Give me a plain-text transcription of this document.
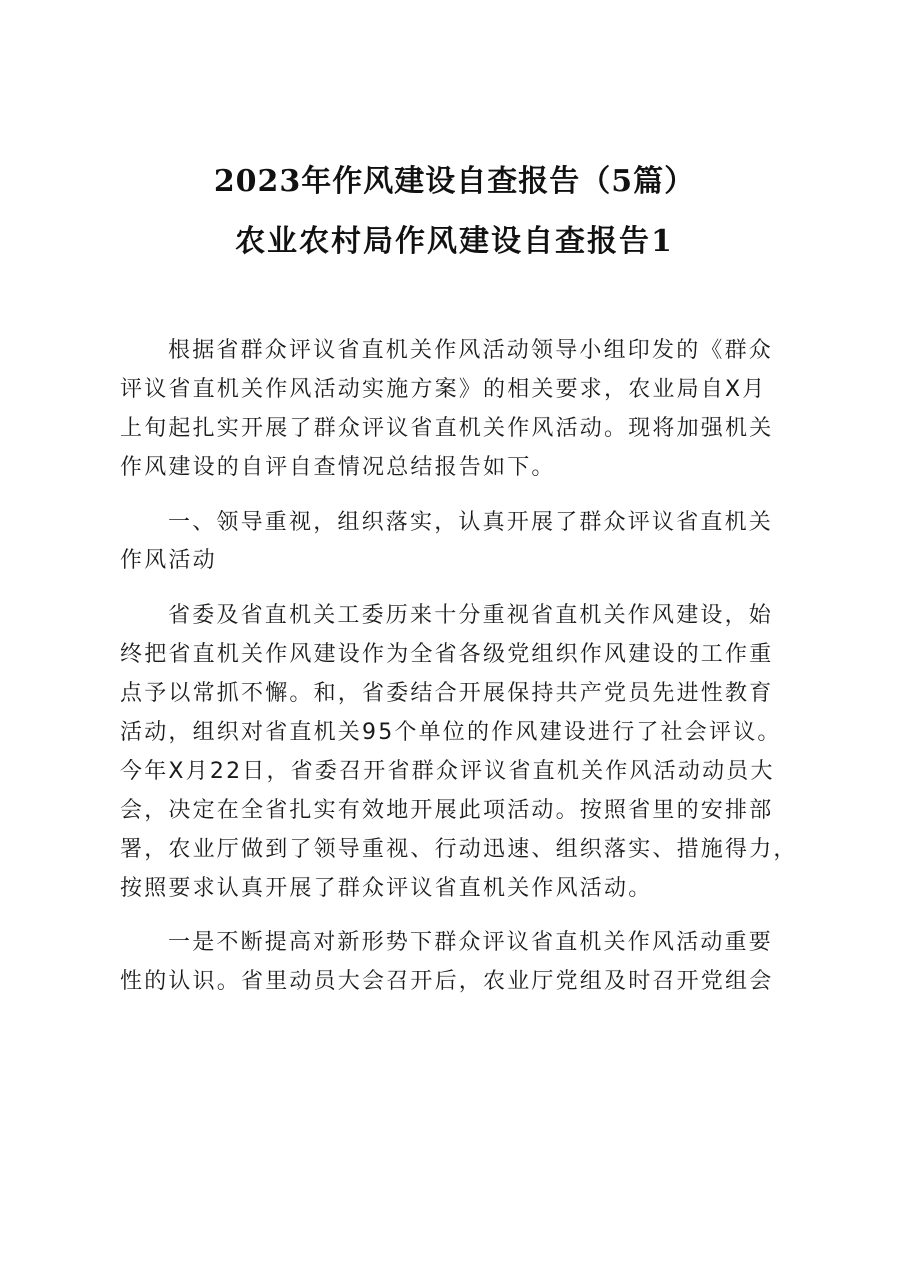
2023年作风建设自查报告（5篇）
农业农村局作风建设自查报告1
根据省群众评议省直机关作风活动领导小组印发的《群众
评议省直机关作风活动实施方案》的相关要求，农业局自X月
上旬起扎实开展了群众评议省直机关作风活动。现将加强机关
作风建设的自评自查情况总结报告如下。
一、领导重视，组织落实，认真开展了群众评议省直机关
作风活动
省委及省直机关工委历来十分重视省直机关作风建设，始
终把省直机关作风建设作为全省各级党组织作风建设的工作重
点予以常抓不懈。和，省委结合开展保持共产党员先进性教育
活动，组织对省直机关95个单位的作风建设进行了社会评议。
今年X月22日，省委召开省群众评议省直机关作风活动动员大
会，决定在全省扎实有效地开展此项活动。按照省里的安排部
署，农业厅做到了领导重视、行动迅速、组织落实、措施得力，
按照要求认真开展了群众评议省直机关作风活动。
一是不断提高对新形势下群众评议省直机关作风活动重要
性的认识。省里动员大会召开后，农业厅党组及时召开党组会
